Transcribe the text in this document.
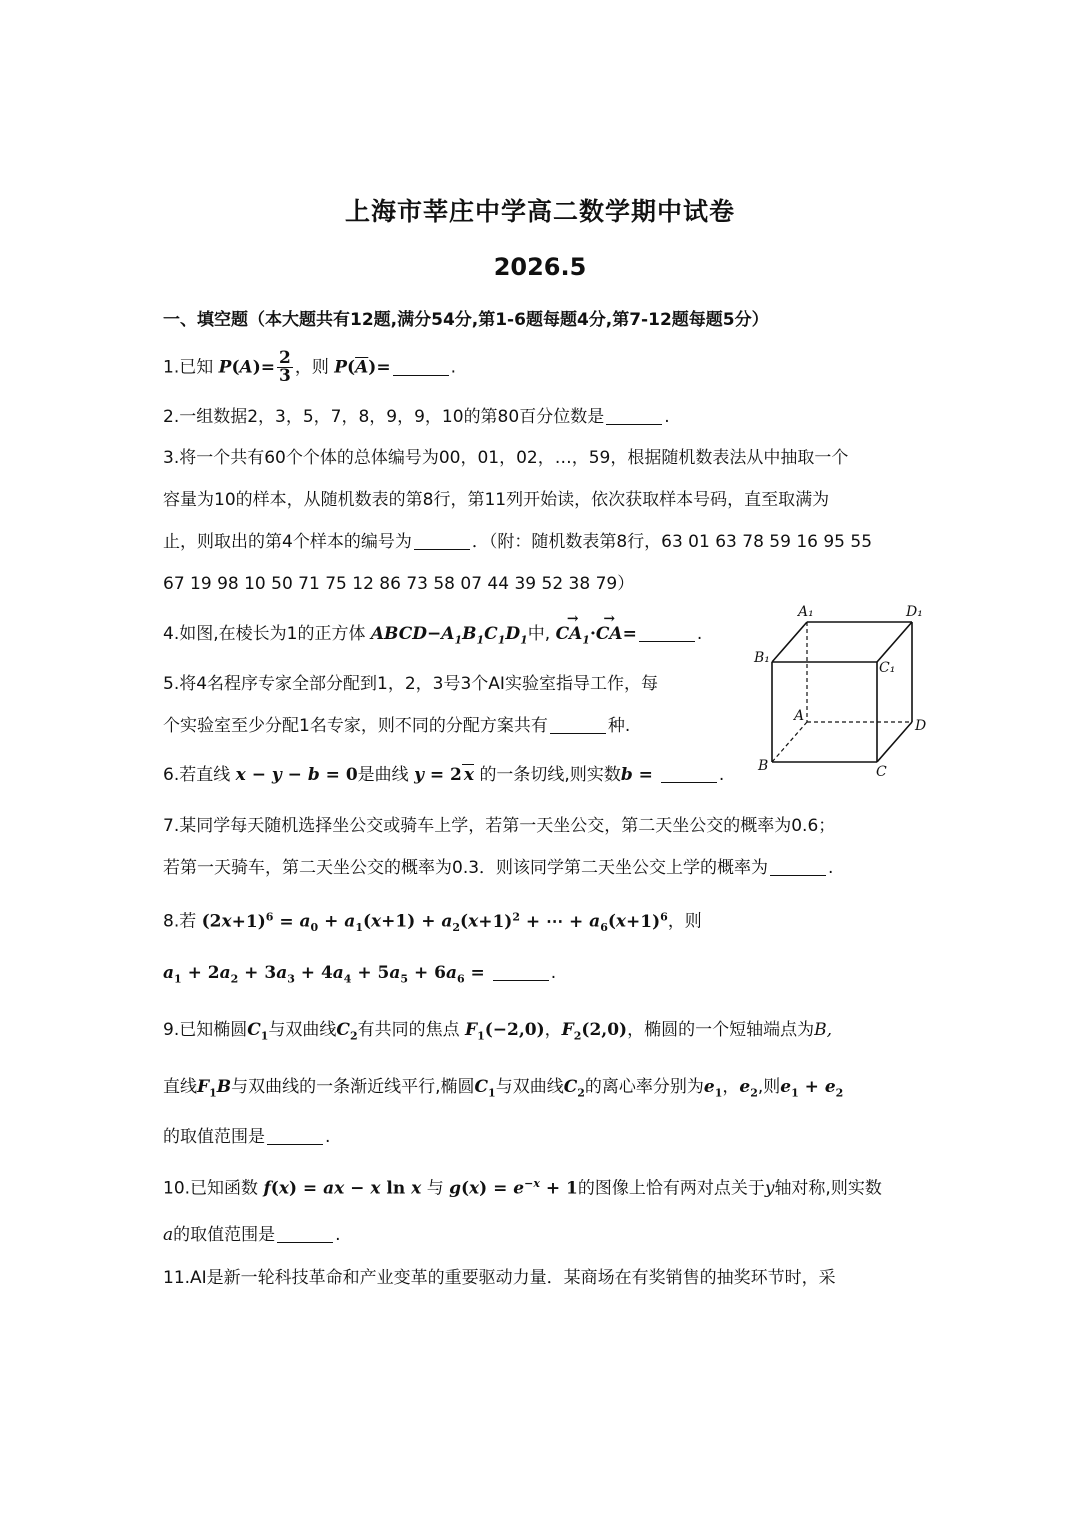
上海市莘庄中学高二数学期中试卷
2026.5
一、填空题（本大题共有12题,满分54分,第1-6题每题4分,第7-12题每题5分）
1.已知 $P(A)= \frac{2}{3}$ ，则 $P(\overline{A})=$	.
2.一组数据2，3，5，7，8，9，9，10的第80百分位数是	.
3.将一个共有60个个体的总体编号为00，01，02，…，59，根据随机数表法从中抽取一个
容量为10的样本，从随机数表的第8行，第11列开始读，依次获取样本号码，直至取满为
止，则取出的第4个样本的编号为	．（附：随机数表第8行，63 01 63 78 59 16 95 55
67 19 98 10 50 71 75 12 86 73 58 07 44 39 52 38 79）
4.如图,在棱长为1的正方体 $ABCD-A_1B_1C_1D_1$中, → $CA_1\cdot\to CA=$	.
5.将4名程序专家全部分配到1，2，3号3个AI实验室指导工作，每
个实验室至少分配1名专家，则不同的分配方案共有	种.
6.若直线 x − y − b = 0是曲线 y = 2 x 的一条切线,则实数b =	.
7.某同学每天随机选择坐公交或骑车上学，若第一天坐公交，第二天坐公交的概率为0.6；
若第一天骑车，第二天坐公交的概率为0.3．则该同学第二天坐公交上学的概率为	.
8.若 $(2x+1)^6 = a_0 + a_1(x+1) + a_2(x+1)^2$ + ⋯ + $a_6(x+1)^6$，则
$a_1 + 2a_2 + 3a_3 + 4a_4 + 5a_5 + 6a_6$ =	.
9.已知椭圆$C_1$与双曲线$C_2$有共同的焦点 $F_1(-2,0)$，$F_2(2,0)$，椭圆的一个短轴端点为B,
直线$F_1B$与双曲线的一条渐近线平行,椭圆$C_1$与双曲线$C_2$的离心率分别为$e_1$，$e_2$,则$e_1 + e_2$
的取值范围是	.
10.已知函数 f(x) = ax − x ln x 与 $g(x) = e^{-x} + 1$的图像上恰有两对点关于y轴对称,则实数
a的取值范围是	.
11.AI是新一轮科技革命和产业变革的重要驱动力量．某商场在有奖销售的抽奖环节时，采
A₁	D₁
B₁
C₁
A
D
B	C
